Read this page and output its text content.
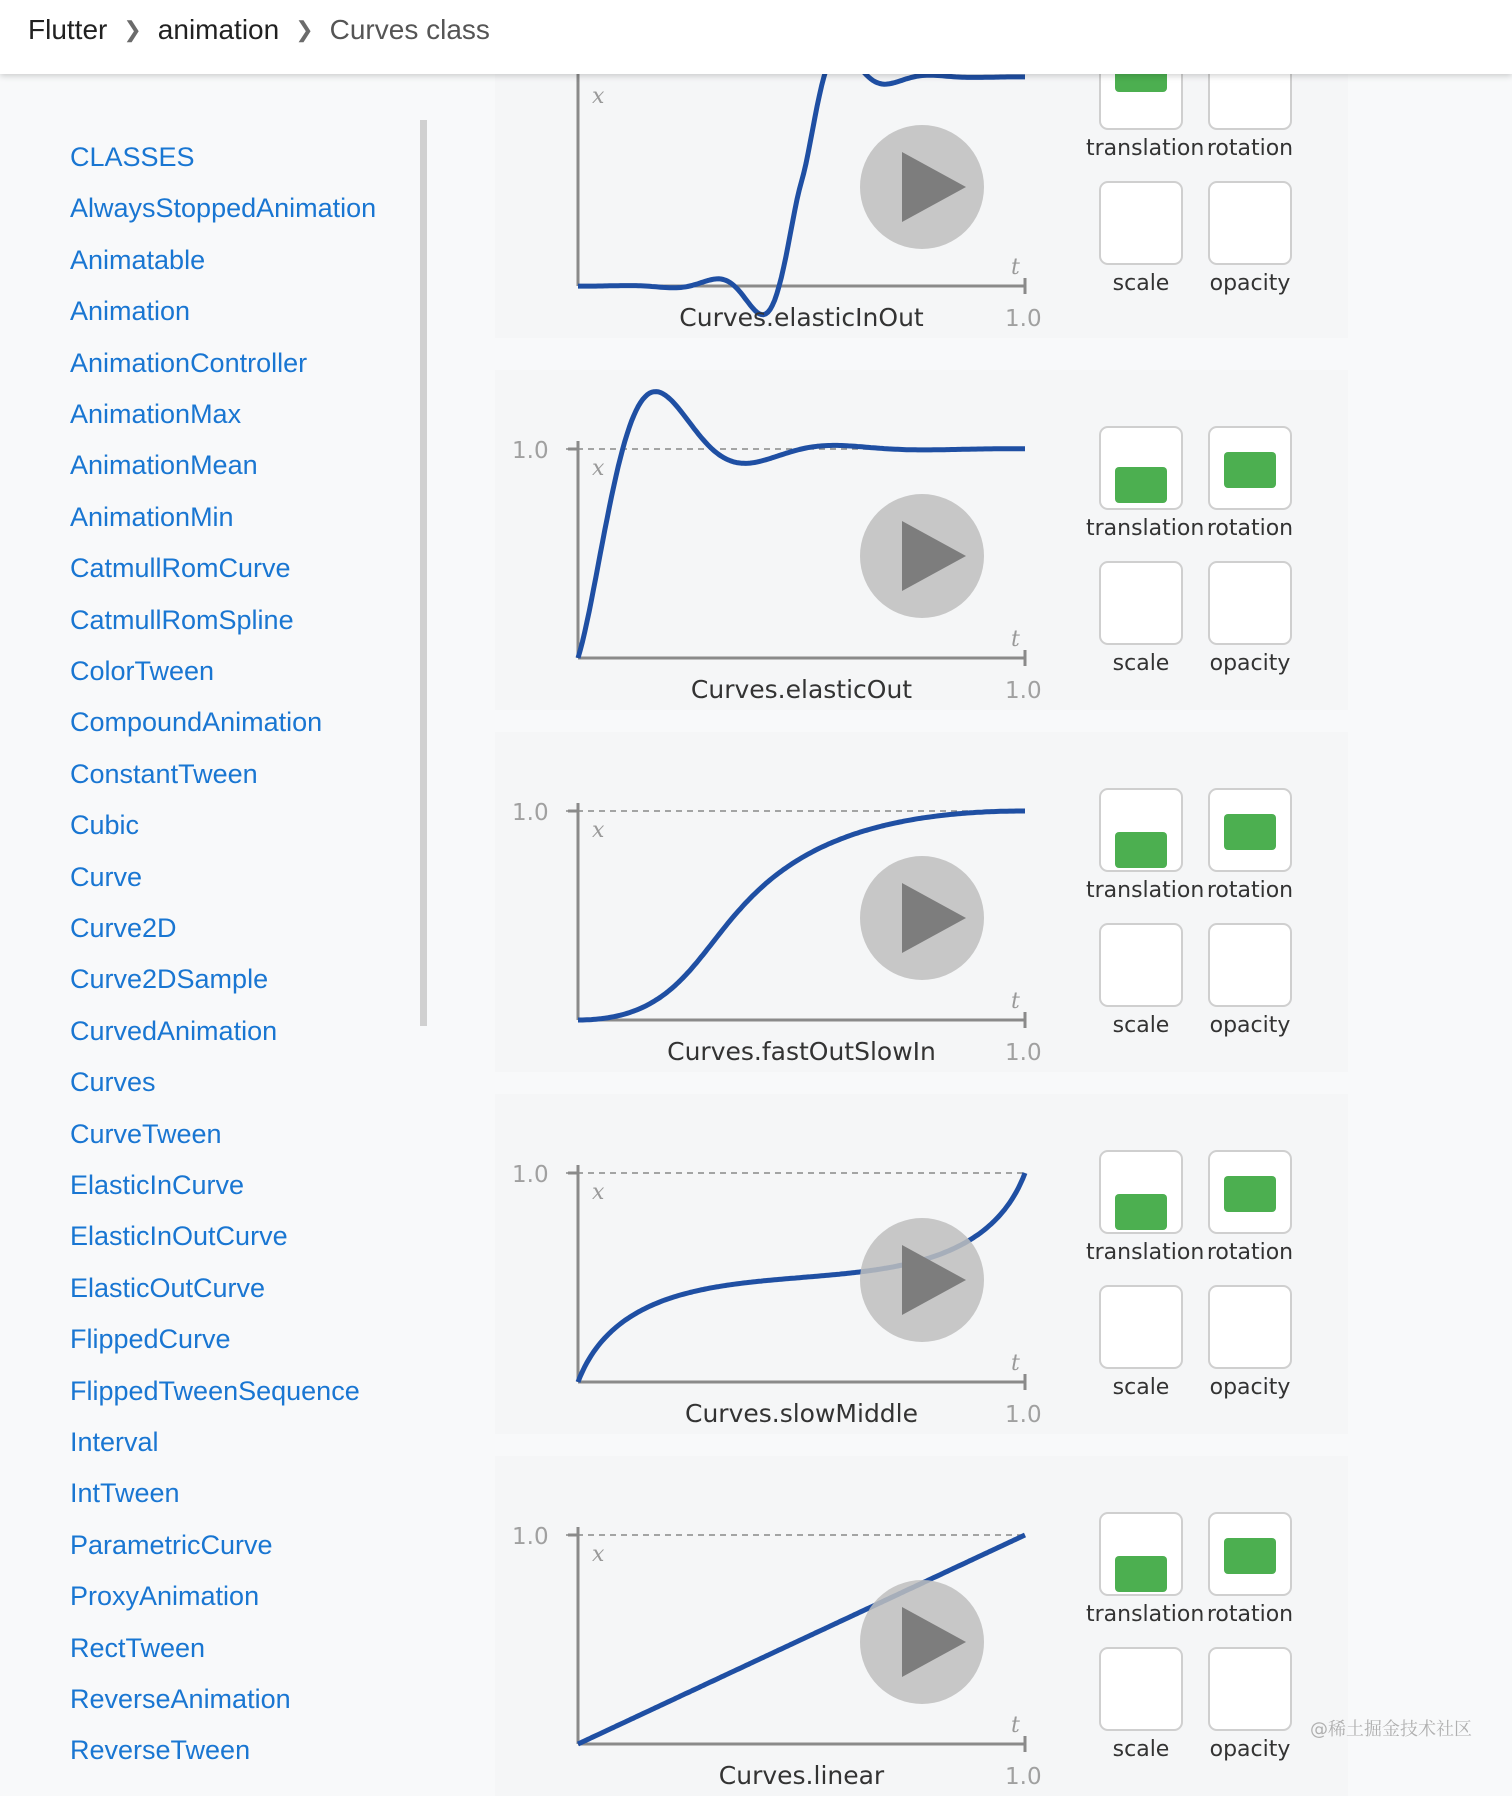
Flutter ❯ animation ❯ Curves class
CLASSES
AlwaysStoppedAnimation
Animatable
Animation
AnimationController
AnimationMax
AnimationMean
AnimationMin
CatmullRomCurve
CatmullRomSpline
ColorTween
CompoundAnimation
ConstantTween
Cubic
Curve
Curve2D
Curve2DSample
CurvedAnimation
Curves
CurveTween
ElasticInCurve
ElasticInOutCurve
ElasticOutCurve
FlippedCurve
FlippedTweenSequence
Interval
IntTween
ParametricCurve
ProxyAnimation
RectTween
ReverseAnimation
ReverseTween
t
x
1.0
Curves.elasticInOut
translation rotation
scale	opacity
t
x
1.0
1.0
Curves.elasticOut
translation rotation
scale	opacity
t
x
1.0
1.0
Curves.fastOutSlowIn
translation rotation
scale	opacity
t
x
1.0
1.0
Curves.slowMiddle
translation rotation
scale	opacity
t
x
1.0
1.0
Curves.linear
translation rotation
scale	opacity
@稀土掘金技术社区
